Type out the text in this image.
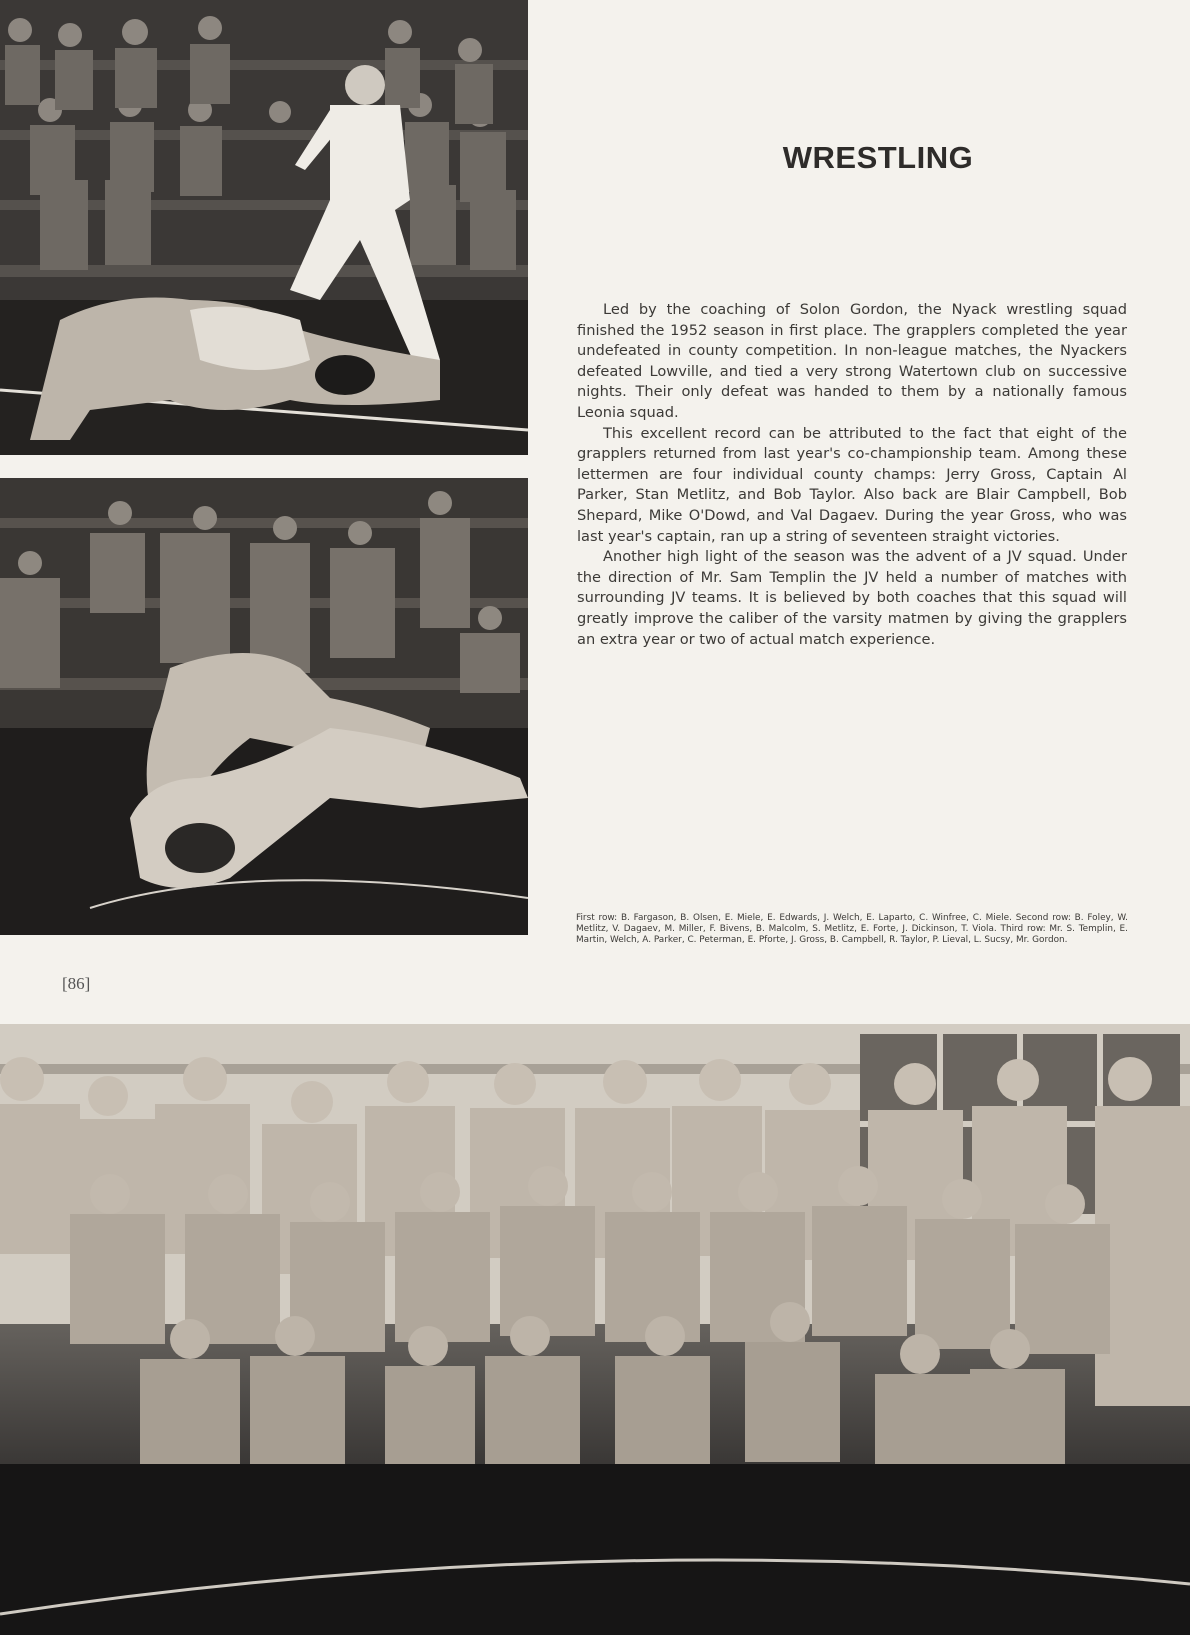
WRESTLING

Led by the coaching of Solon Gordon, the Nyack wrestling squad finished the 1952 season in first place. The grapplers completed the year undefeated in county competition. In non-league matches, the Nyackers defeated Lowville, and tied a very strong Watertown club on successive nights. Their only defeat was handed to them by a nationally famous Leonia squad.

This excellent record can be attributed to the fact that eight of the grapplers returned from last year's co-championship team. Among these lettermen are four individual county champs: Jerry Gross, Captain Al Parker, Stan Metlitz, and Bob Taylor. Also back are Blair Campbell, Bob Shepard, Mike O'Dowd, and Val Dagaev. During the year Gross, who was last year's captain, ran up a string of seventeen straight victories.

Another high light of the season was the advent of a JV squad. Under the direction of Mr. Sam Templin the JV held a number of matches with surrounding JV teams. It is believed by both coaches that this squad will greatly improve the caliber of the varsity matmen by giving the grapplers an extra year or two of actual match experience.

First row: B. Fargason, B. Olsen, E. Miele, E. Edwards, J. Welch, E. Laparto, C. Winfree, C. Miele. Second row: B. Foley, W. Metlitz, V. Dagaev, M. Miller, F. Bivens, B. Malcolm, S. Metlitz, E. Forte, J. Dickinson, T. Viola. Third row: Mr. S. Templin, E. Martin, Welch, A. Parker, C. Peterman, E. Pforte, J. Gross, B. Campbell, R. Taylor, P. Lieval, L. Sucsy, Mr. Gordon.

[86]
